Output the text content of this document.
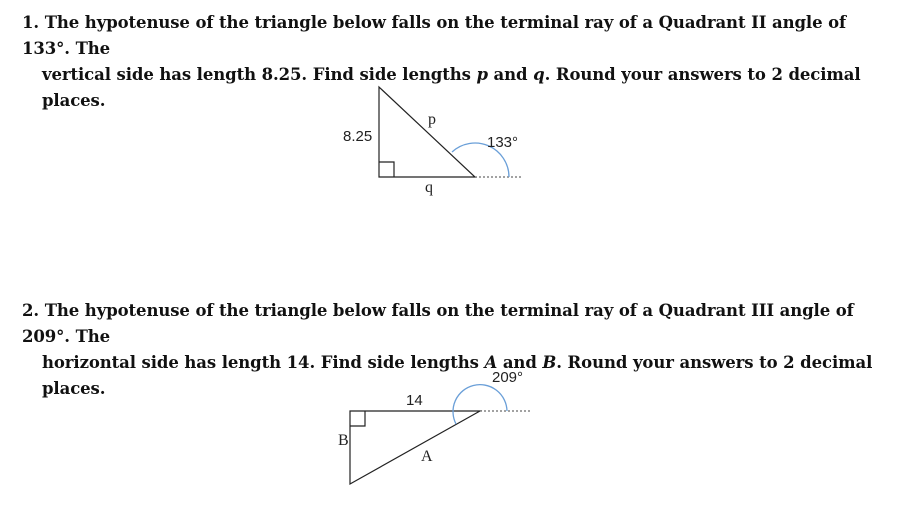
1. The hypotenuse of the triangle below falls on the terminal ray of a Quadrant II angle of 133°. The
vertical side has length 8.25. Find side lengths p and q. Round your answers to 2 decimal places.
8.25
p
q
133°
2. The hypotenuse of the triangle below falls on the terminal ray of a Quadrant III angle of 209°. The
horizontal side has length 14. Find side lengths A and B. Round your answers to 2 decimal places.
14
B
A
209°
